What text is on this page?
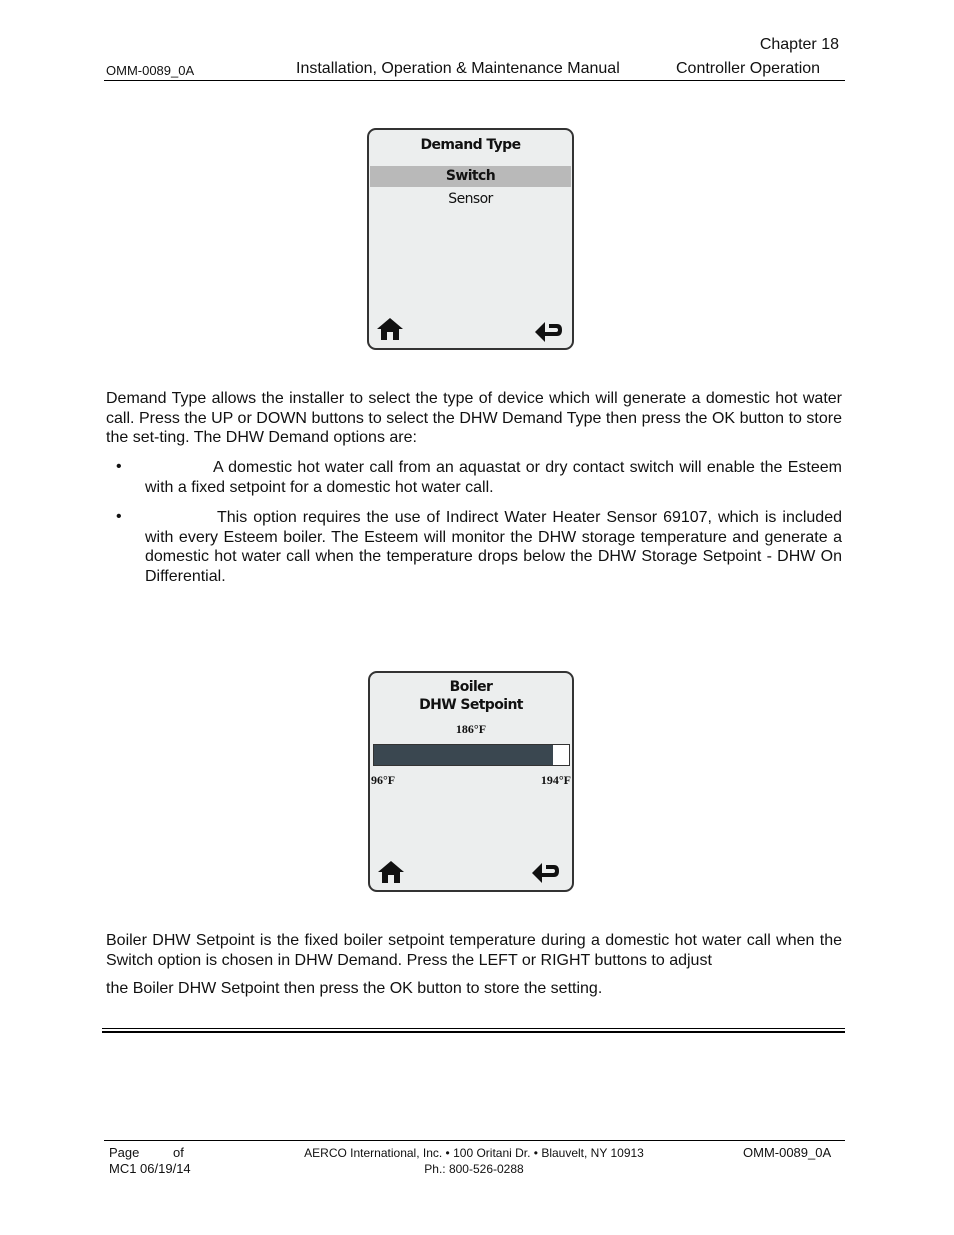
Chapter 18
OMM-0089_0A	Installation, Operation & Maintenance Manual	Controller Operation
Demand Type
Switch
Sensor
Demand Type allows the installer to select the type of device which will generate a domestic hot water call. Press the UP or DOWN buttons to select the DHW Demand Type then press the OK button to store the set-ting. The DHW Demand options are:
•	A domestic hot water call from an aquastat or dry contact switch will enable the Esteem with a fixed setpoint for a domestic hot water call.
•	This option requires the use of Indirect Water Heater Sensor 69107, which is included with every Esteem boiler. The Esteem will monitor the DHW storage temperature and generate a domestic hot water call when the temperature drops below the DHW Storage Setpoint - DHW On Differential.
Boiler
DHW Setpoint
186°F
96°F	194°F
Boiler DHW Setpoint is the fixed boiler setpoint temperature during a domestic hot water call when the Switch option is chosen in DHW Demand. Press the LEFT or RIGHT buttons to adjust
the Boiler DHW Setpoint then press the OK button to store the setting.
Page	of
MC1 06/19/14
AERCO International, Inc. • 100 Oritani Dr. • Blauvelt, NY 10913
Ph.: 800-526-0288
OMM-0089_0A
